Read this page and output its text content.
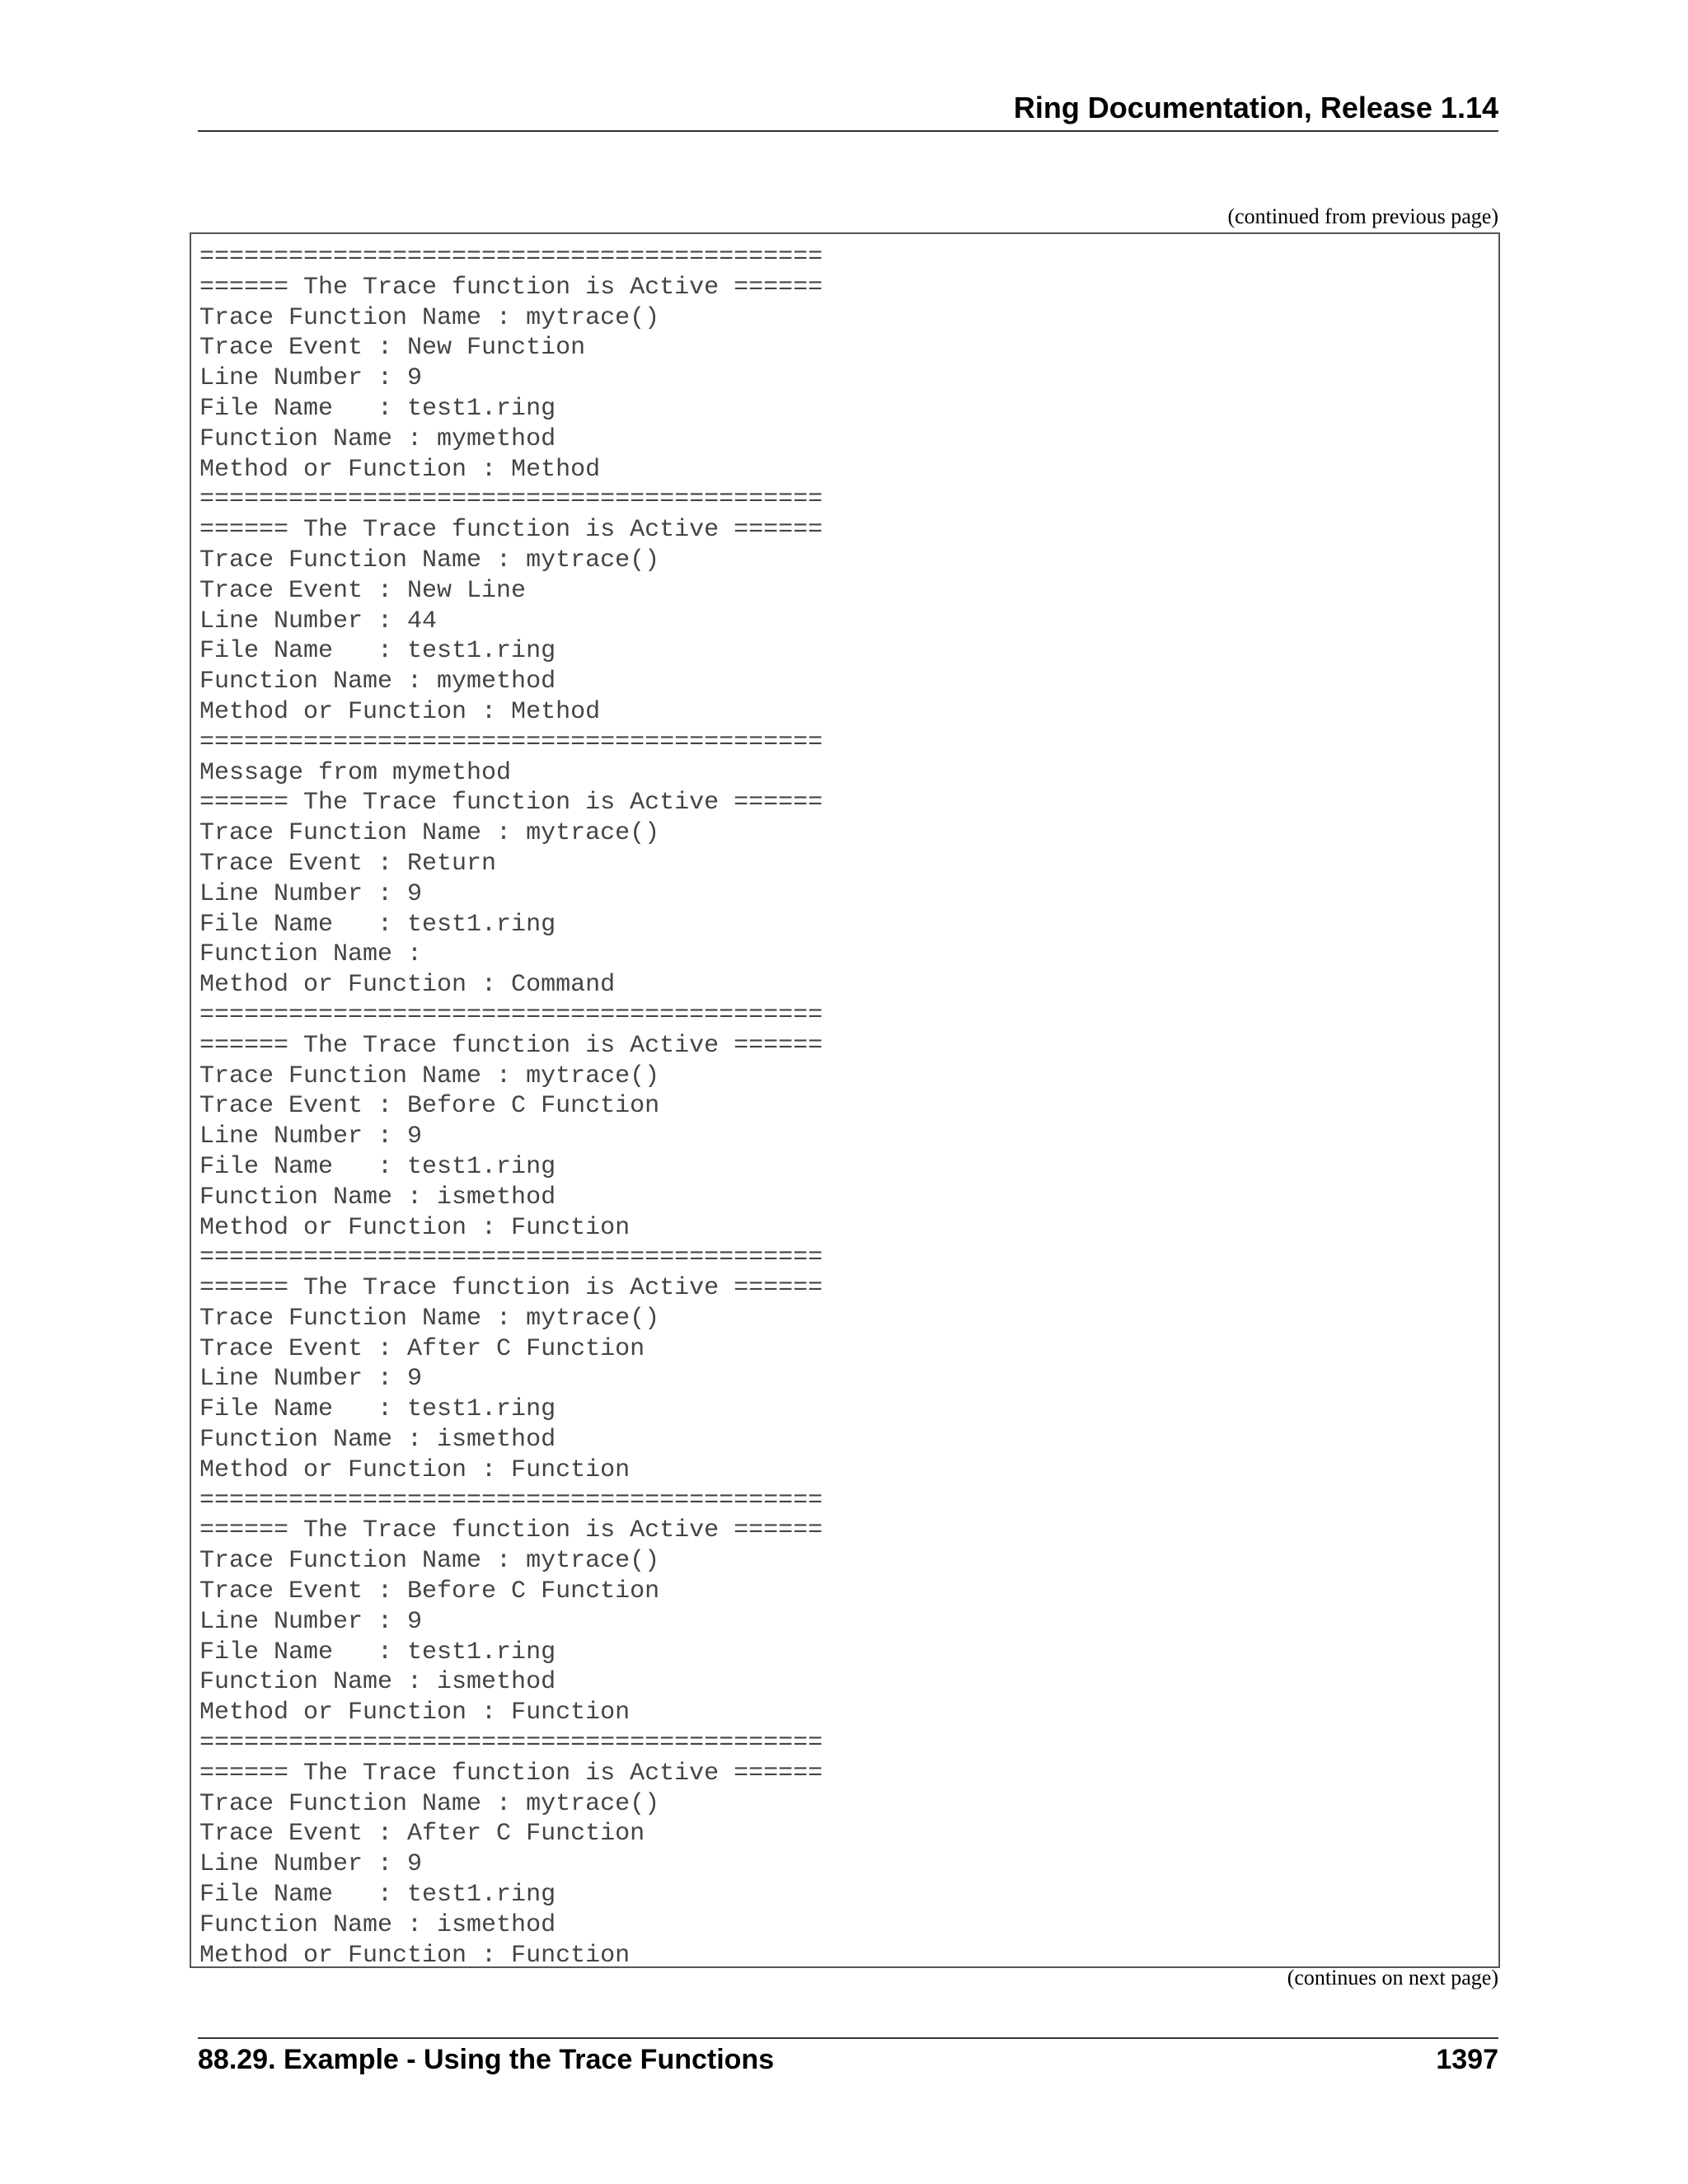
Ring Documentation, Release 1.14
(continued from previous page)
==========================================
====== The Trace function is Active ======
Trace Function Name : mytrace()
Trace Event : New Function
Line Number : 9
File Name   : test1.ring
Function Name : mymethod
Method or Function : Method
==========================================
====== The Trace function is Active ======
Trace Function Name : mytrace()
Trace Event : New Line
Line Number : 44
File Name   : test1.ring
Function Name : mymethod
Method or Function : Method
==========================================
Message from mymethod
====== The Trace function is Active ======
Trace Function Name : mytrace()
Trace Event : Return
Line Number : 9
File Name   : test1.ring
Function Name :
Method or Function : Command
==========================================
====== The Trace function is Active ======
Trace Function Name : mytrace()
Trace Event : Before C Function
Line Number : 9
File Name   : test1.ring
Function Name : ismethod
Method or Function : Function
==========================================
====== The Trace function is Active ======
Trace Function Name : mytrace()
Trace Event : After C Function
Line Number : 9
File Name   : test1.ring
Function Name : ismethod
Method or Function : Function
==========================================
====== The Trace function is Active ======
Trace Function Name : mytrace()
Trace Event : Before C Function
Line Number : 9
File Name   : test1.ring
Function Name : ismethod
Method or Function : Function
==========================================
====== The Trace function is Active ======
Trace Function Name : mytrace()
Trace Event : After C Function
Line Number : 9
File Name   : test1.ring
Function Name : ismethod
Method or Function : Function
(continues on next page)
88.29. Example - Using the Trace Functions	1397
